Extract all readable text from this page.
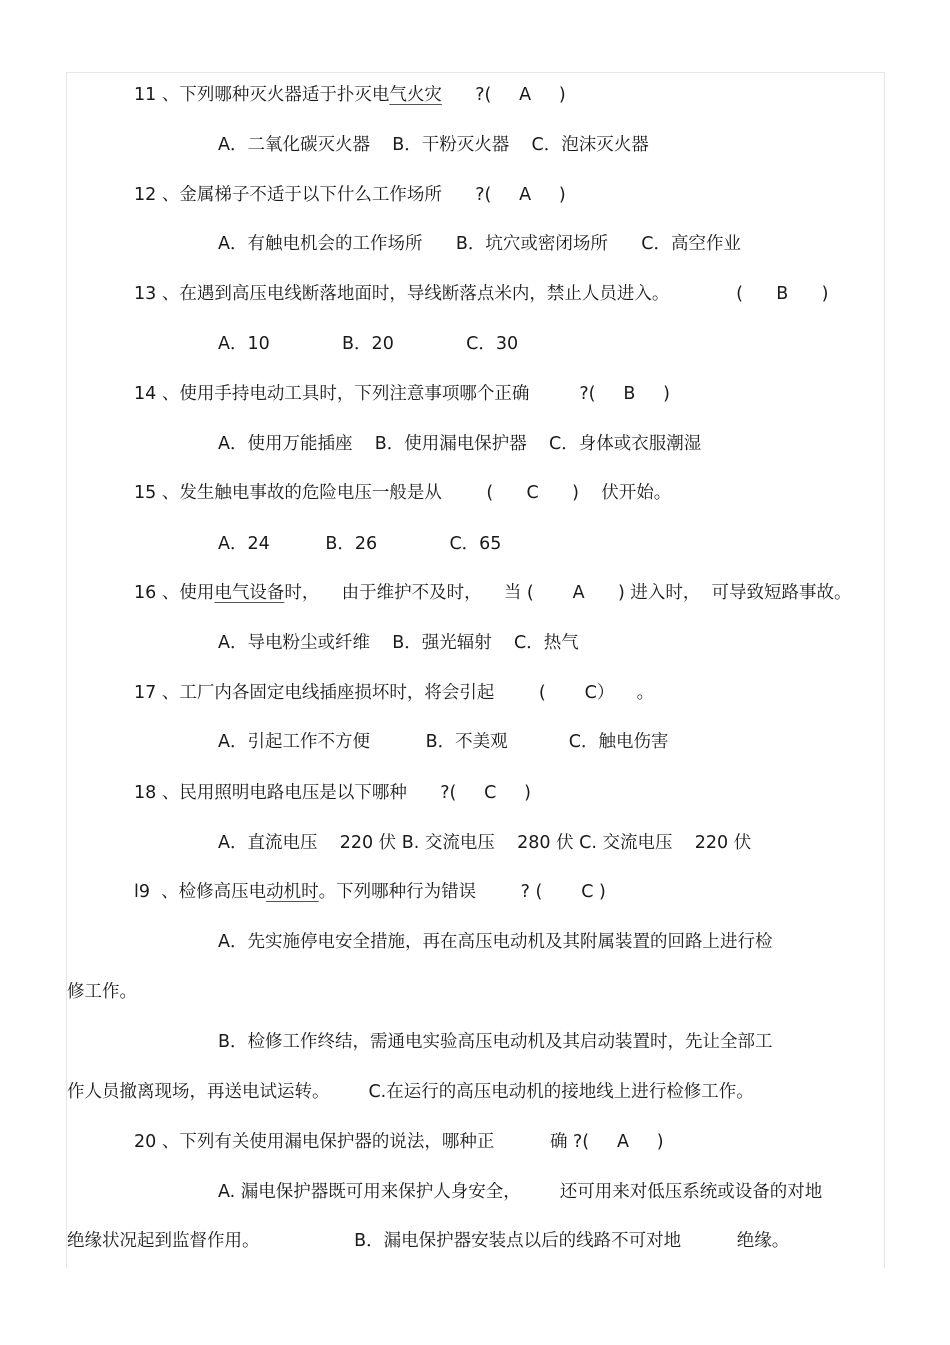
11 、下列哪种灭火器适于扑灭电气火灾      ?(     A     )
A．二氧化碳灭火器    B．干粉灭火器    C．泡沫灭火器
12 、金属梯子不适于以下什么工作场所      ?(     A     )
A．有触电机会的工作场所      B．坑穴或密闭场所      C．高空作业
13 、在遇到高压电线断落地面时，导线断落点米内，禁止人员进入。            (      B      )
A．10             B．20             C．30
14 、使用手持电动工具时，下列注意事项哪个正确         ?(     B     )
A．使用万能插座    B．使用漏电保护器    C．身体或衣服潮湿
15 、发生触电事故的危险电压一般是从        (      C      )    伏开始。
A．24          B．26             C．65
16 、使用电气设备时，    由于维护不及时，    当 (       A      ) 进入时，  可导致短路事故。
A．导电粉尘或纤维    B．强光辐射    C．热气
17 、工厂内各固定电线插座损坏时，将会引起        (       C）    。
A．引起工作不方便          B．不美观           C．触电伤害
18 、民用照明电路电压是以下哪种      ?(     C     )
A．直流电压    220 伏 B. 交流电压    280 伏 C. 交流电压    220 伏
l9  、检修高压电动机时。下列哪种行为错误        ? (       C )
A．先实施停电安全措施，再在高压电动机及其附属装置的回路上进行检
修工作。
B．检修工作终结，需通电实验高压电动机及其启动装置时，先让全部工
作人员撤离现场，再送电试运转。       C.在运行的高压电动机的接地线上进行检修工作。
20 、下列有关使用漏电保护器的说法，哪种正          确 ?(     A     )
A. 漏电保护器既可用来保护人身安全，       还可用来对低压系统或设备的对地
绝缘状况起到监督作用。                 B．漏电保护器安装点以后的线路不可对地          绝缘。
